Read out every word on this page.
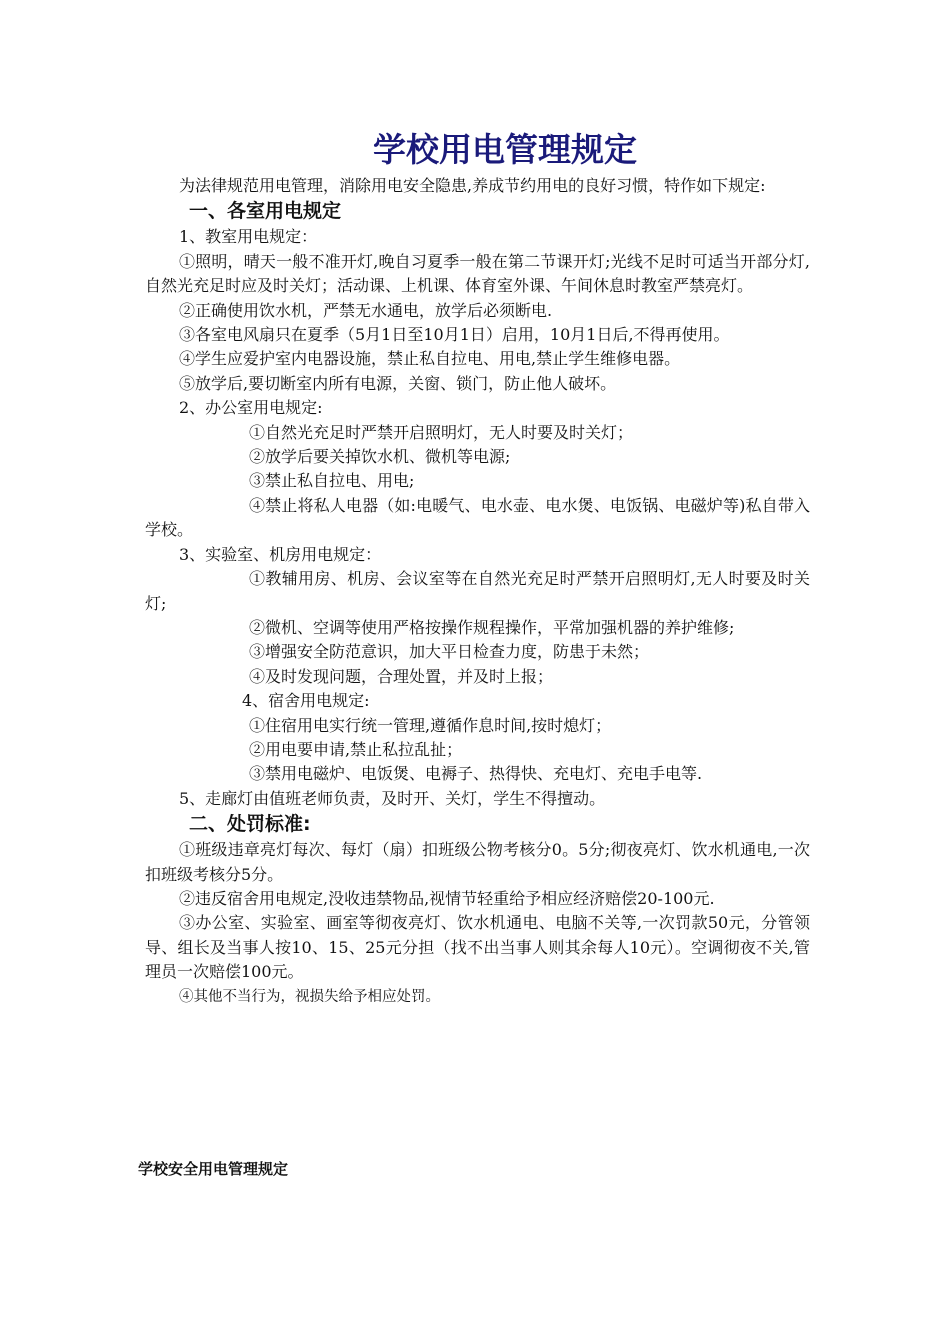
学校用电管理规定

为法律规范用电管理，消除用电安全隐患,养成节约用电的良好习惯，特作如下规定:

一、各室用电规定

1、教室用电规定：

①照明，晴天一般不准开灯,晚自习夏季一般在第二节课开灯;光线不足时可适当开部分灯,自然光充足时应及时关灯；活动课、上机课、体育室外课、午间休息时教室严禁亮灯。

②正确使用饮水机，严禁无水通电，放学后必须断电.

③各室电风扇只在夏季（5月1日至10月1日）启用，10月1日后,不得再使用。

④学生应爱护室内电器设施，禁止私自拉电、用电,禁止学生维修电器。

⑤放学后,要切断室内所有电源，关窗、锁门，防止他人破坏。

2、办公室用电规定:

①自然光充足时严禁开启照明灯，无人时要及时关灯；

②放学后要关掉饮水机、微机等电源;

③禁止私自拉电、用电;

④禁止将私人电器（如:电暖气、电水壶、电水煲、电饭锅、电磁炉等)私自带入学校。

3、实验室、机房用电规定：

①教辅用房、机房、会议室等在自然光充足时严禁开启照明灯,无人时要及时关灯;

②微机、空调等使用严格按操作规程操作，平常加强机器的养护维修;

③增强安全防范意识，加大平日检查力度，防患于未然；

④及时发现问题，合理处置，并及时上报；

4、宿舍用电规定:

①住宿用电实行统一管理,遵循作息时间,按时熄灯；

②用电要申请,禁止私拉乱扯；

③禁用电磁炉、电饭煲、电褥子、热得快、充电灯、充电手电等.

5、走廊灯由值班老师负责，及时开、关灯，学生不得擅动。

二、处罚标准:

①班级违章亮灯每次、每灯（扇）扣班级公物考核分0。5分;彻夜亮灯、饮水机通电,一次扣班级考核分5分。

②违反宿舍用电规定,没收违禁物品,视情节轻重给予相应经济赔偿20-100元.

③办公室、实验室、画室等彻夜亮灯、饮水机通电、电脑不关等,一次罚款50元，分管领导、组长及当事人按10、15、25元分担（找不出当事人则其余每人10元）。空调彻夜不关,管理员一次赔偿100元。

④其他不当行为，视损失给予相应处罚。

学校安全用电管理规定
